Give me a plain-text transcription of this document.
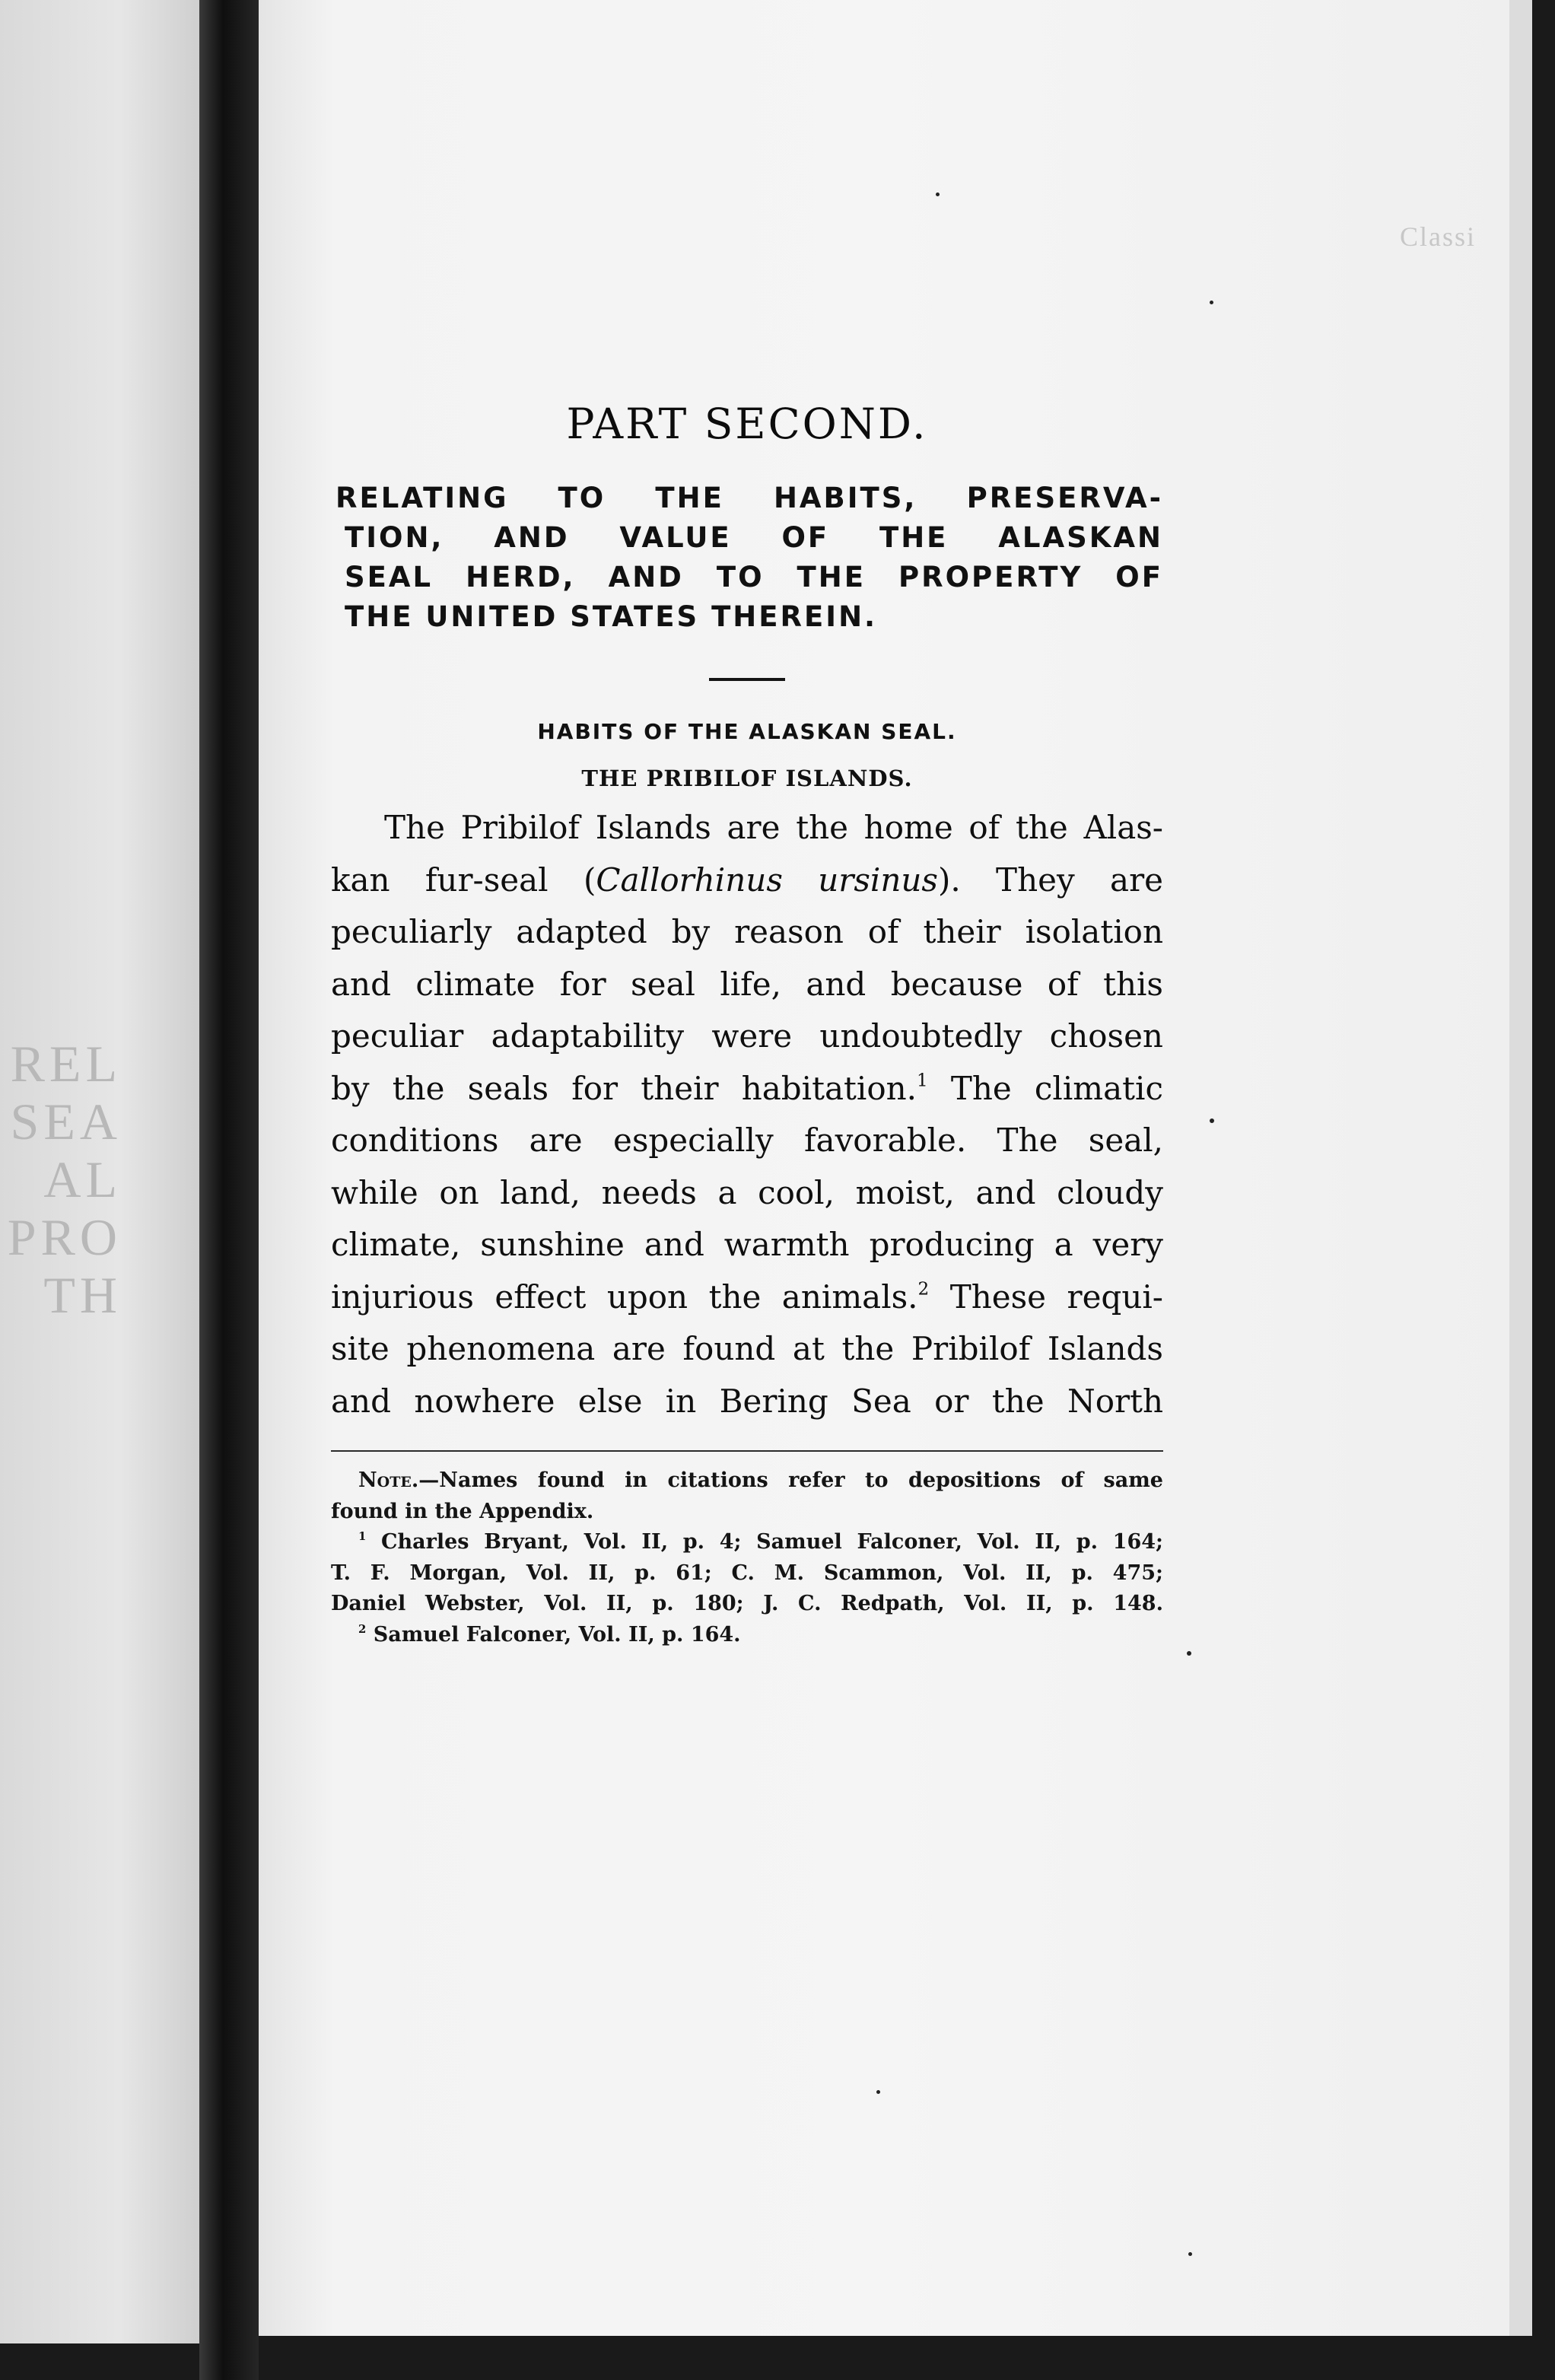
REL
SEA
AL
PRO
TH
Classi
PART SECOND.
RELATING TO THE HABITS, PRESERVA-
TION, AND VALUE OF THE ALASKAN
SEAL HERD, AND TO THE PROPERTY OF
THE UNITED STATES THEREIN.
HABITS OF THE ALASKAN SEAL.
THE PRIBILOF ISLANDS.
The Pribilof Islands are the home of the Alas-
kan fur-seal (Callorhinus ursinus). They are
peculiarly adapted by reason of their isolation
and climate for seal life, and because of this
peculiar adaptability were undoubtedly chosen
by the seals for their habitation.$^1$ The climatic
conditions are especially favorable. The seal,
while on land, needs a cool, moist, and cloudy
climate, sunshine and warmth producing a very
injurious effect upon the animals.$^2$ These requi-
site phenomena are found at the Pribilof Islands
and nowhere else in Bering Sea or the North
Note.—Names found in citations refer to depositions of same
found in the Appendix.
$^1$ Charles Bryant, Vol. II, p. 4; Samuel Falconer, Vol. II, p. 164;
T. F. Morgan, Vol. II, p. 61; C. M. Scammon, Vol. II, p. 475;
Daniel Webster, Vol. II, p. 180; J. C. Redpath, Vol. II, p. 148.
$^2$ Samuel Falconer, Vol. II, p. 164.
